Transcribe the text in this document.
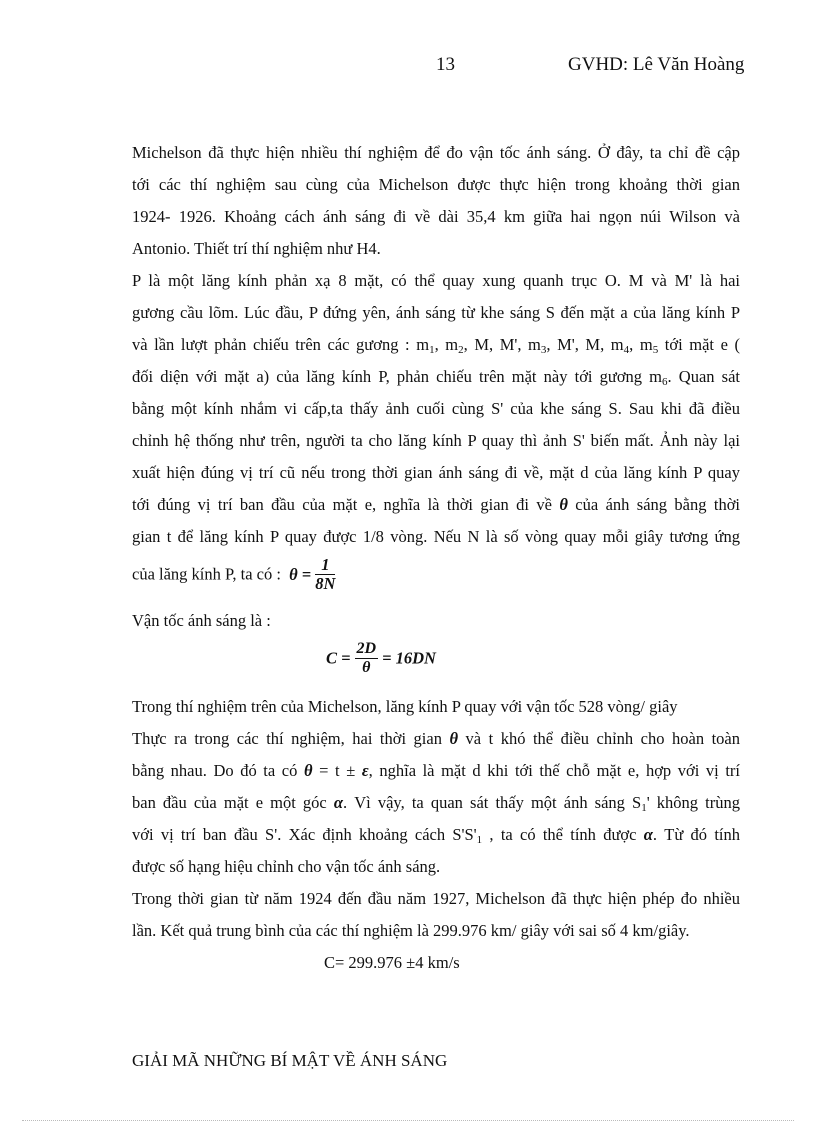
13	GVHD: Lê Văn Hoàng
Michelson đã thực hiện nhiều thí nghiệm để đo vận tốc ánh sáng. Ở đây, ta chỉ đề cập
tới các thí nghiệm sau cùng của Michelson được thực hiện trong khoảng thời gian
1924- 1926. Khoảng cách ánh sáng đi về dài 35,4 km giữa hai ngọn núi Wilson và
Antonio. Thiết trí thí nghiệm như H4.
P là một lăng kính phản xạ 8 mặt, có thể quay xung quanh trục O. M và M' là hai
gương cầu lõm. Lúc đầu, P đứng yên, ánh sáng từ khe sáng S đến mặt a của lăng kính P
và lần lượt phản chiếu trên các gương : $m_1$, $m_2$, M, M', $m_3$, M', M, $m_4$, $m_5$ tới mặt e (
đối diện với mặt a) của lăng kính P, phản chiếu trên mặt này tới gương $m_6$. Quan sát
bằng một kính nhắm vi cấp,ta thấy ảnh cuối cùng S' của khe sáng S. Sau khi đã điều
chỉnh hệ thống như trên, người ta cho lăng kính P quay thì ảnh S' biến mất. Ảnh này lại
xuất hiện đúng vị trí cũ nếu trong thời gian ánh sáng đi về, mặt d của lăng kính P quay
tới đúng vị trí ban đầu của mặt e, nghĩa là thời gian đi về θ của ánh sáng bằng thời
gian t để lăng kính P quay được 1/8 vòng. Nếu N là số vòng quay mỗi giây tương ứng
của lăng kính P, ta có : $\theta = \frac{1}{8N}$
Vận tốc ánh sáng là :
$C = \frac{2D}{\theta} = 16DN$
Trong thí nghiệm trên của Michelson, lăng kính P quay với vận tốc 528 vòng/ giây
Thực ra trong các thí nghiệm, hai thời gian θ và t khó thể điều chỉnh cho hoàn toàn
bằng nhau. Do đó ta có θ = t ± ε, nghĩa là mặt d khi tới thế chỗ mặt e, hợp với vị trí
ban đầu của mặt e một góc α. Vì vậy, ta quan sát thấy một ánh sáng $S_1'$ không trùng
với vị trí ban đầu S'. Xác định khoảng cách $S'S'_1$ , ta có thể tính được α. Từ đó tính
được số hạng hiệu chỉnh cho vận tốc ánh sáng.
Trong thời gian từ năm 1924 đến đầu năm 1927, Michelson đã thực hiện phép đo nhiều
lần. Kết quả trung bình của các thí nghiệm là 299.976 km/ giây với sai số 4 km/giây.
C= 299.976 ±4 km/s
GIẢI MÃ NHỮNG BÍ MẬT VỀ ÁNH SÁNG
